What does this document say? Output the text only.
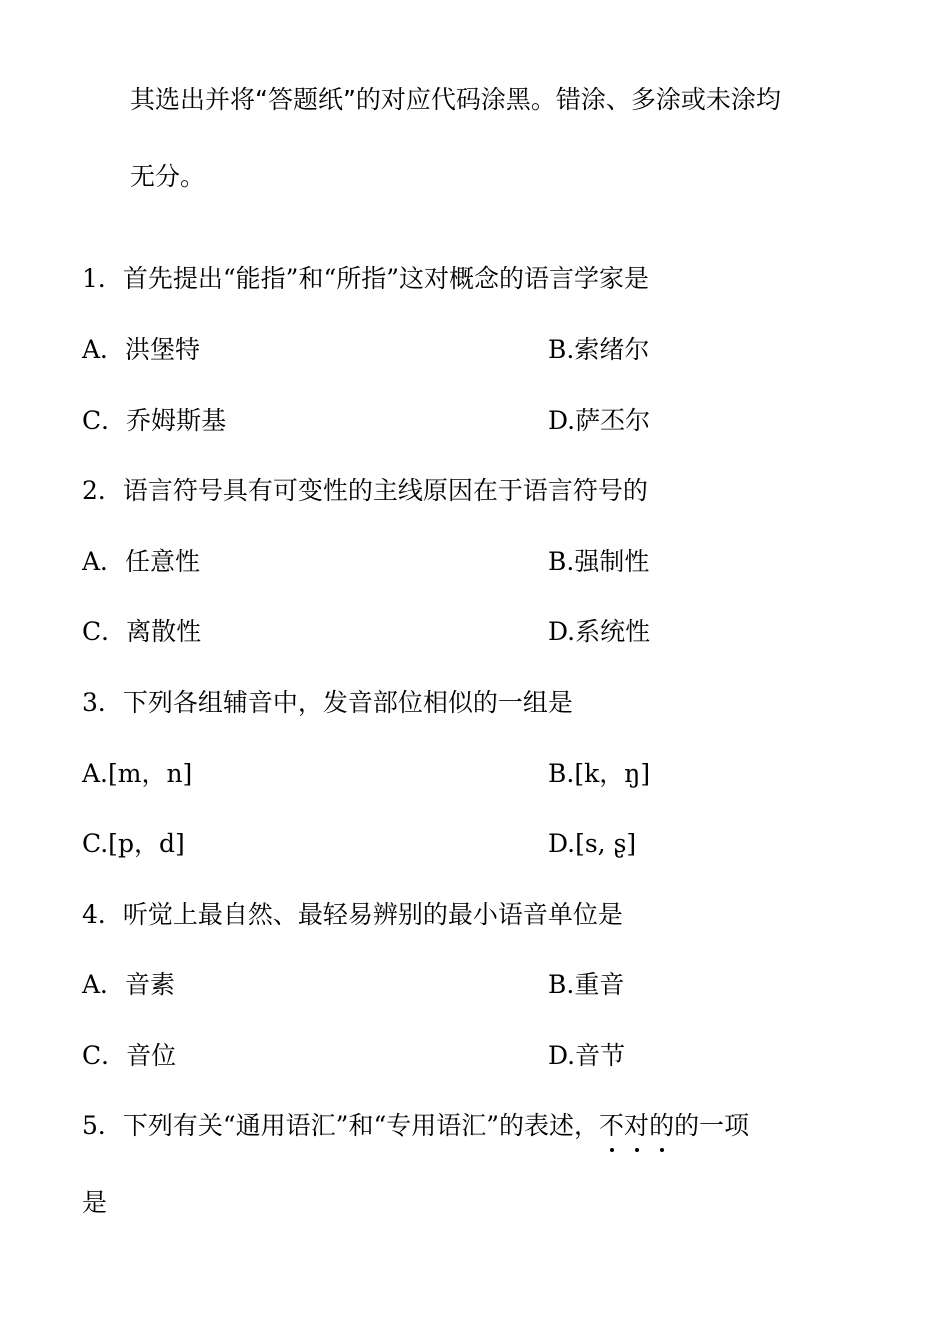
其选出并将“答题纸”的对应代码涂黑。错涂、多涂或未涂均
无分。
1．首先提出“能指”和“所指”这对概念的语言学家是
A．洪堡特	B.索绪尔
C．乔姆斯基	D.萨丕尔
2．语言符号具有可变性的主线原因在于语言符号的
A．任意性	B.强制性
C．离散性	D.系统性
3．下列各组辅音中，发音部位相似的一组是
A.[m，n]	B.[k，ŋ]
C.[p，d]	D.[s, ʂ]
4．听觉上最自然、最轻易辨别的最小语音单位是
A．音素	B.重音
C．音位	D.音节
5．下列有关“通用语汇”和“专用语汇”的表述，不对的的一项
是
